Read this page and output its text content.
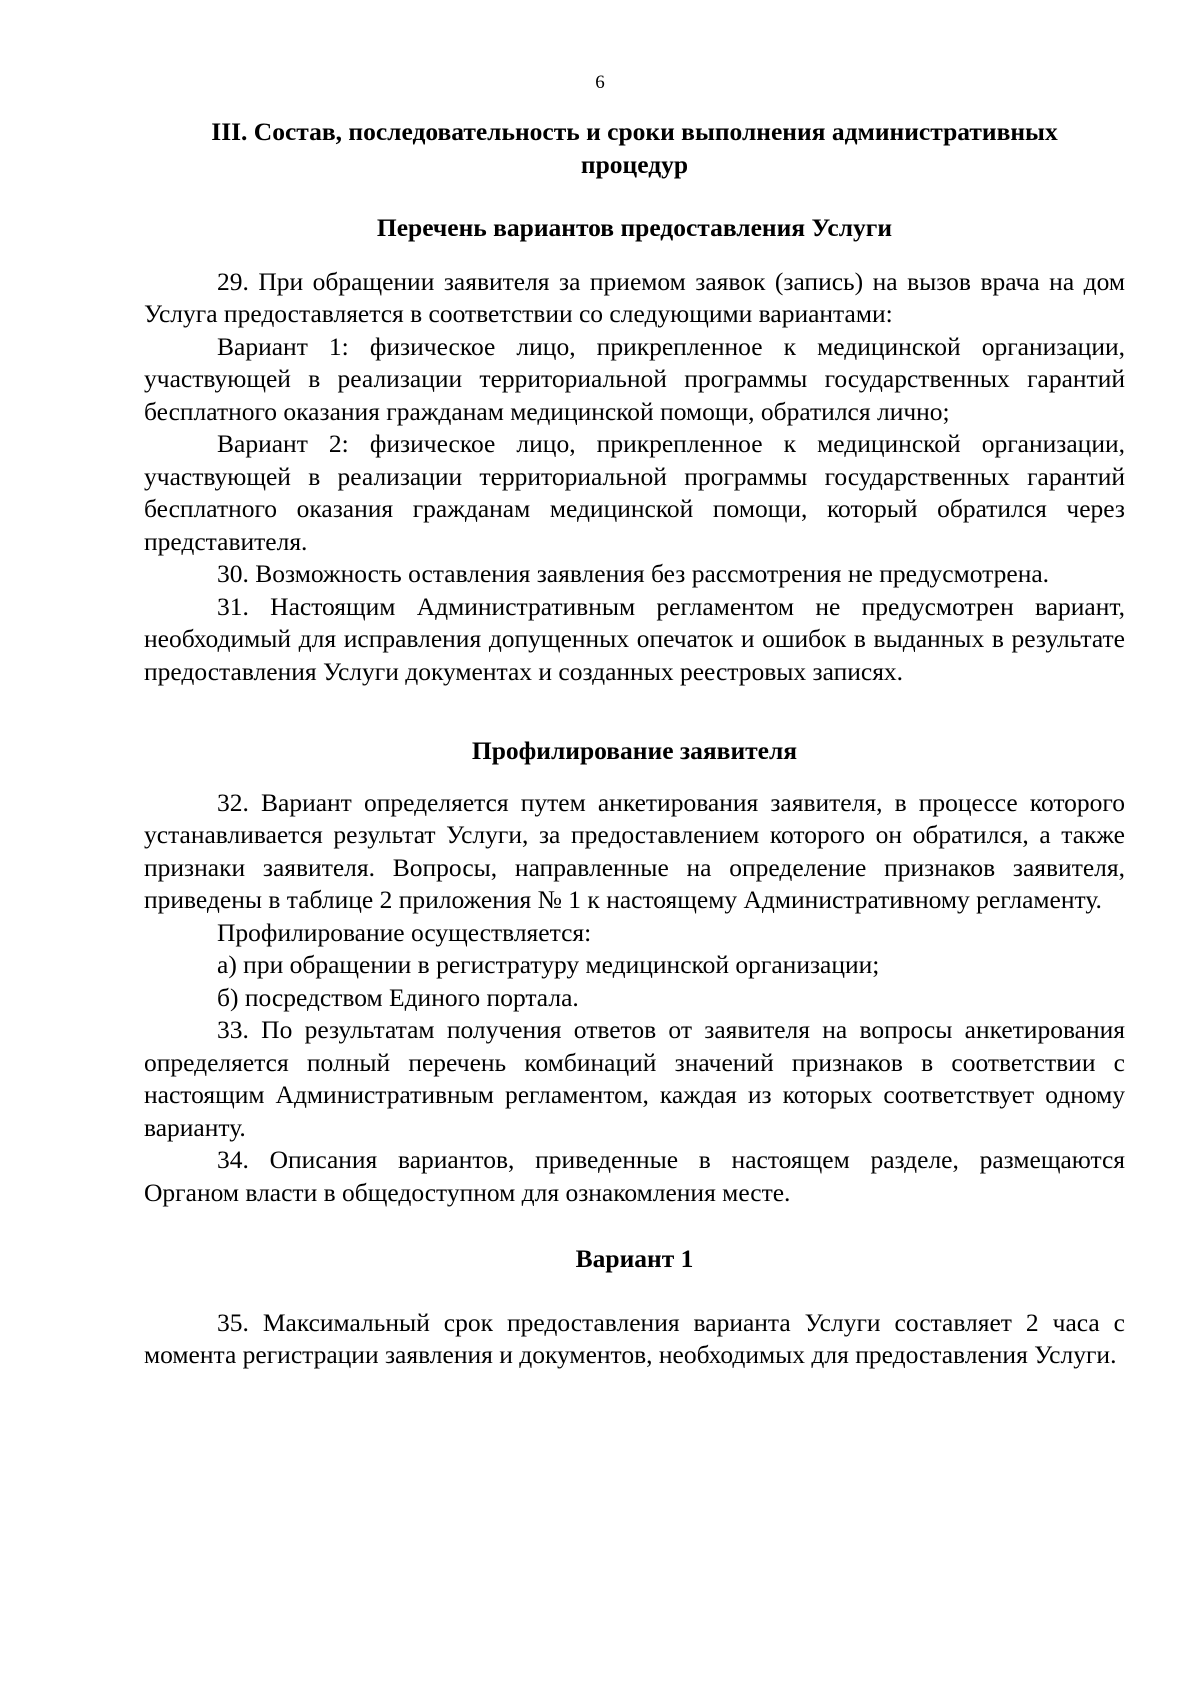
6
III. Состав, последовательность и сроки выполнения административных
процедур
Перечень вариантов предоставления Услуги

29. При обращении заявителя за приемом заявок (запись) на вызов врача на дом Услуга предоставляется в соответствии со следующими вариантами:

Вариант 1: физическое лицо, прикрепленное к медицинской организации, участвующей в реализации территориальной программы государственных гарантий бесплатного оказания гражданам медицинской помощи, обратился лично;

Вариант 2: физическое лицо, прикрепленное к медицинской организации, участвующей в реализации территориальной программы государственных гарантий бесплатного оказания гражданам медицинской помощи, который обратился через представителя.

30. Возможность оставления заявления без рассмотрения не предусмотрена.

31. Настоящим Административным регламентом не предусмотрен вариант, необходимый для исправления допущенных опечаток и ошибок в выданных в результате предоставления Услуги документах и созданных реестровых записях.

Профилирование заявителя

32. Вариант определяется путем анкетирования заявителя, в процессе которого устанавливается результат Услуги, за предоставлением которого он обратился, а также признаки заявителя. Вопросы, направленные на определение признаков заявителя, приведены в таблице 2 приложения № 1 к настоящему Административному регламенту.

Профилирование осуществляется:

а) при обращении в регистратуру медицинской организации;

б) посредством Единого портала.

33. По результатам получения ответов от заявителя на вопросы анкетирования определяется полный перечень комбинаций значений признаков в соответствии с настоящим Административным регламентом, каждая из которых соответствует одному варианту.

34. Описания вариантов, приведенные в настоящем разделе, размещаются Органом власти в общедоступном для ознакомления месте.

Вариант 1

35. Максимальный срок предоставления варианта Услуги составляет 2 часа с момента регистрации заявления и документов, необходимых для предоставления Услуги.
